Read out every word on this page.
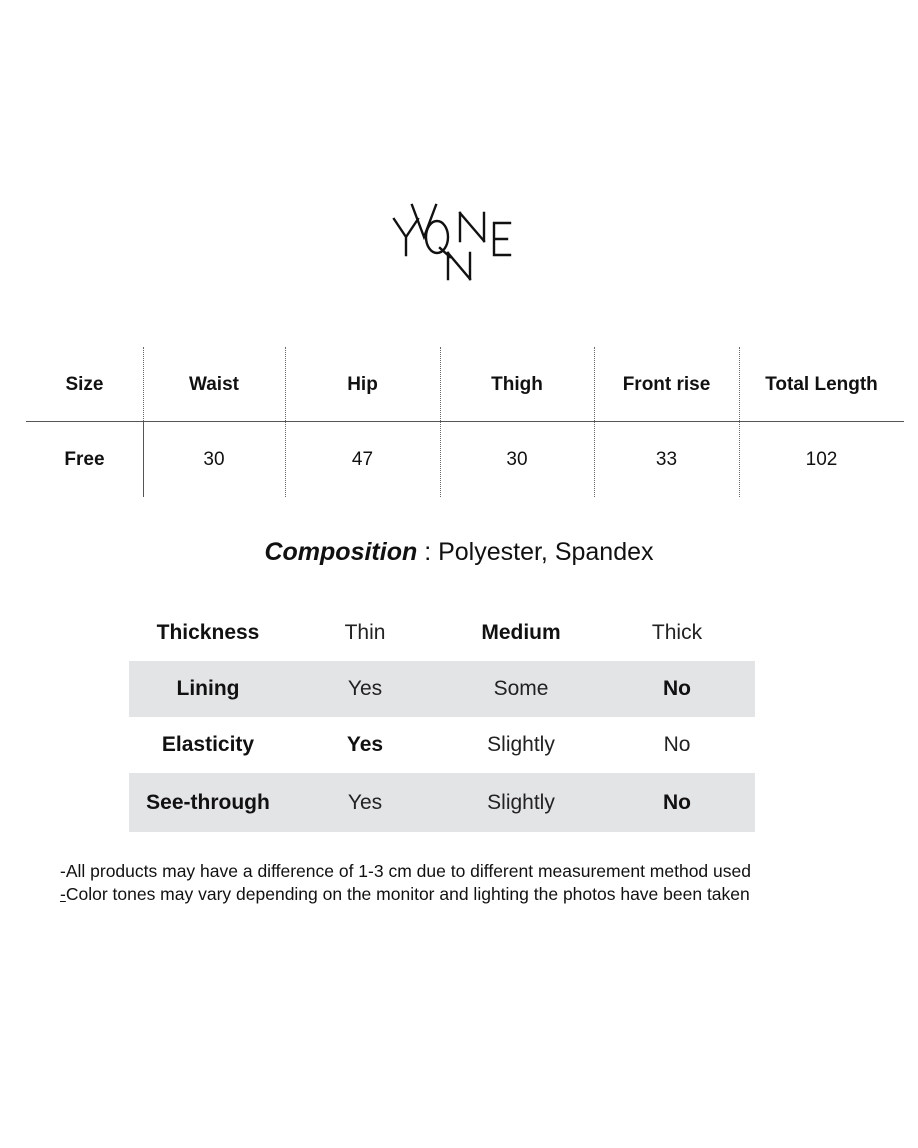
Size	Waist	Hip	Thigh	Front rise	Total Length
Free	30	47	30	33	102
Composition : Polyester, Spandex
Thickness	Thin	Medium	Thick
Lining	Yes	Some	No
Elasticity	Yes	Slightly	No
See-through	Yes	Slightly	No
-All products may have a difference of 1-3 cm due to different measurement method used
-Color tones may vary depending on the monitor and lighting the photos have been taken
